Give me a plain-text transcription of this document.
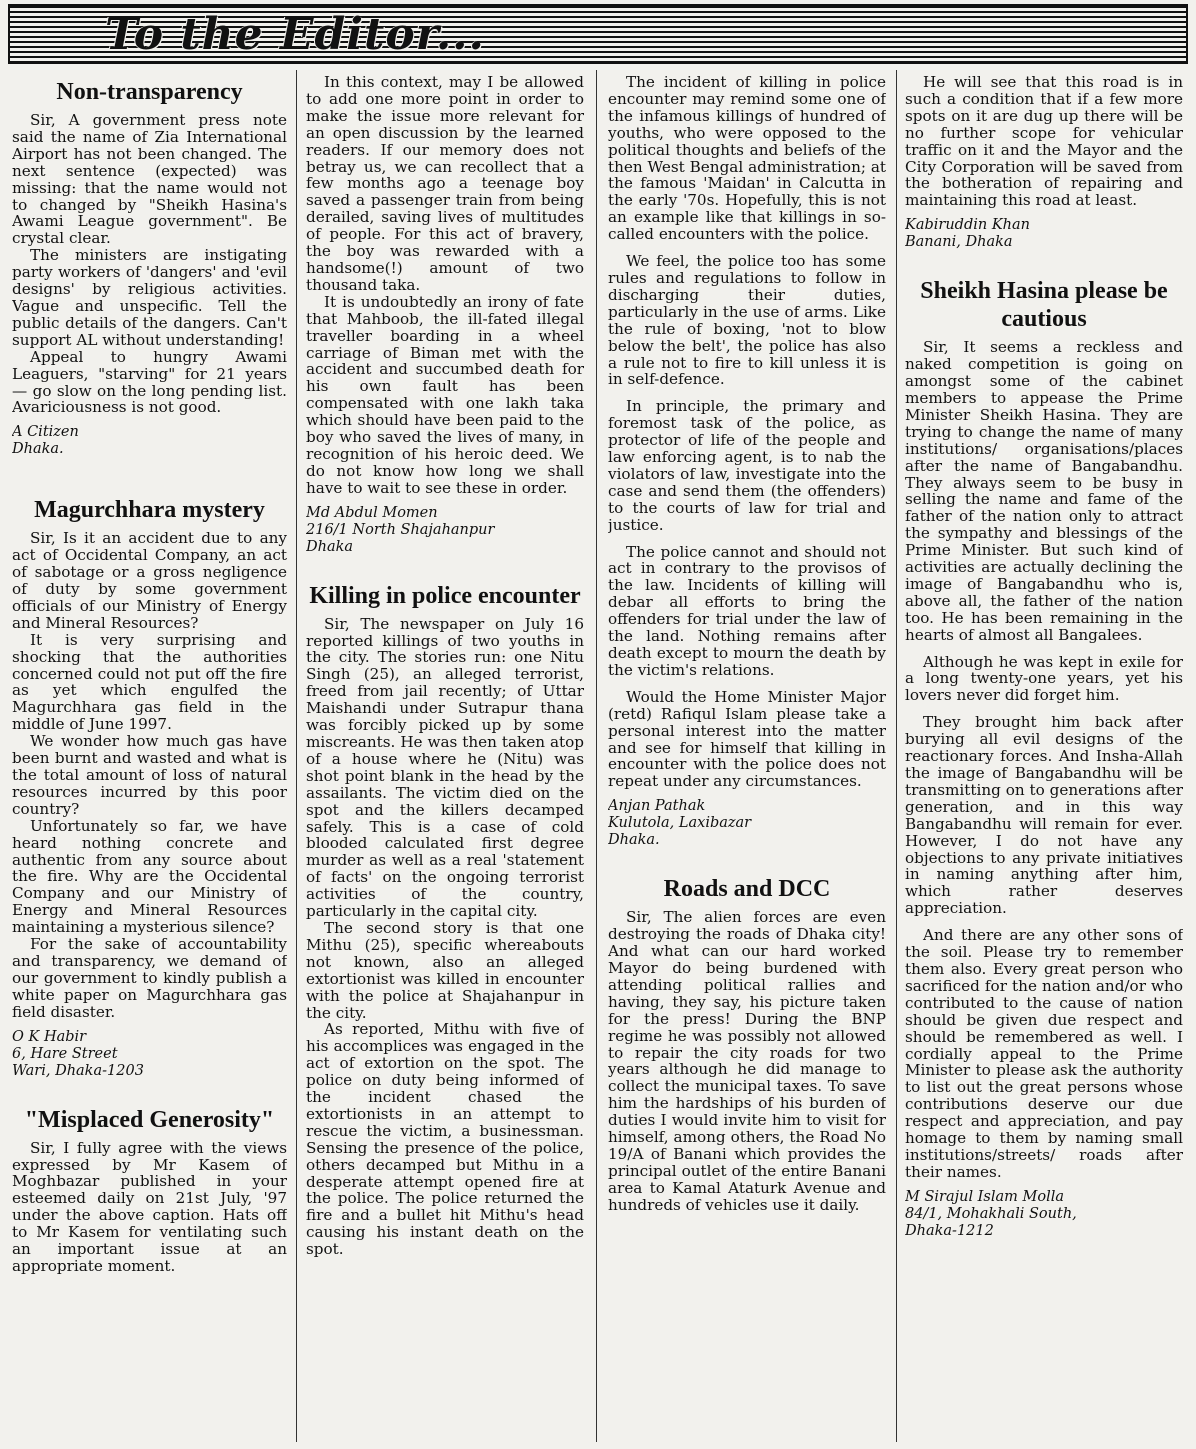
To the Editor...
Non-transparency

Sir, A government press note said the name of Zia International Airport has not been changed. The next sentence (expected) was missing: that the name would not to changed by "Sheikh Hasina's Awami League government". Be crystal clear.

The ministers are instigating party workers of 'dangers' and 'evil designs' by religious activities. Vague and unspecific. Tell the public details of the dangers. Can't support AL without understanding!

Appeal to hungry Awami Leaguers, "starving" for 21 years — go slow on the long pending list. Avariciousness is not good.

A Citizen
Dhaka.
Magurchhara mystery

Sir, Is it an accident due to any act of Occidental Company, an act of sabotage or a gross negligence of duty by some government officials of our Ministry of Energy and Mineral Resources?

It is very surprising and shocking that the authorities concerned could not put off the fire as yet which engulfed the Magurchhara gas field in the middle of June 1997.

We wonder how much gas have been burnt and wasted and what is the total amount of loss of natural resources incurred by this poor country?

Unfortunately so far, we have heard nothing concrete and authentic from any source about the fire. Why are the Occidental Company and our Ministry of Energy and Mineral Resources maintaining a mysterious silence?

For the sake of accountability and transparency, we demand of our government to kindly publish a white paper on Magurchhara gas field disaster.

O K Habir
6, Hare Street
Wari, Dhaka-1203
"Misplaced Generosity"

Sir, I fully agree with the views expressed by Mr Kasem of Moghbazar published in your esteemed daily on 21st July, '97 under the above caption. Hats off to Mr Kasem for ventilating such an important issue at an appropriate moment.

In this context, may I be allowed to add one more point in order to make the issue more relevant for an open discussion by the learned readers. If our memory does not betray us, we can recollect that a few months ago a teenage boy saved a passenger train from being derailed, saving lives of multitudes of people. For this act of bravery, the boy was rewarded with a handsome(!) amount of two thousand taka.

It is undoubtedly an irony of fate that Mahboob, the ill-fated illegal traveller boarding in a wheel carriage of Biman met with the accident and succumbed death for his own fault has been compensated with one lakh taka which should have been paid to the boy who saved the lives of many, in recognition of his heroic deed. We do not know how long we shall have to wait to see these in order.

Md Abdul Momen
216/1 North Shajahanpur
Dhaka
Killing in police encounter

Sir, The newspaper on July 16 reported killings of two youths in the city. The stories run: one Nitu Singh (25), an alleged terrorist, freed from jail recently; of Uttar Maishandi under Sutrapur thana was forcibly picked up by some miscreants. He was then taken atop of a house where he (Nitu) was shot point blank in the head by the assailants. The victim died on the spot and the killers decamped safely. This is a case of cold blooded calculated first degree murder as well as a real 'statement of facts' on the ongoing terrorist activities of the country, particularly in the capital city.

The second story is that one Mithu (25), specific whereabouts not known, also an alleged extortionist was killed in encounter with the police at Shajahanpur in the city.

As reported, Mithu with five of his accomplices was engaged in the act of extortion on the spot. The police on duty being informed of the incident chased the extortionists in an attempt to rescue the victim, a businessman. Sensing the presence of the police, others decamped but Mithu in a desperate attempt opened fire at the police. The police returned the fire and a bullet hit Mithu's head causing his instant death on the spot.

The incident of killing in police encounter may remind some one of the infamous killings of hundred of youths, who were opposed to the political thoughts and beliefs of the then West Bengal administration; at the famous 'Maidan' in Calcutta in the early '70s. Hopefully, this is not an example like that killings in so-called encounters with the police.

We feel, the police too has some rules and regulations to follow in discharging their duties, particularly in the use of arms. Like the rule of boxing, 'not to blow below the belt', the police has also a rule not to fire to kill unless it is in self-defence.

In principle, the primary and foremost task of the police, as protector of life of the people and law enforcing agent, is to nab the violators of law, investigate into the case and send them (the offenders) to the courts of law for trial and justice.

The police cannot and should not act in contrary to the provisos of the law. Incidents of killing will debar all efforts to bring the offenders for trial under the law of the land. Nothing remains after death except to mourn the death by the victim's relations.

Would the Home Minister Major (retd) Rafiqul Islam please take a personal interest into the matter and see for himself that killing in encounter with the police does not repeat under any circumstances.

Anjan Pathak
Kulutola, Laxibazar
Dhaka.
Roads and DCC

Sir, The alien forces are even destroying the roads of Dhaka city! And what can our hard worked Mayor do being burdened with attending political rallies and having, they say, his picture taken for the press! During the BNP regime he was possibly not allowed to repair the city roads for two years although he did manage to collect the municipal taxes. To save him the hardships of his burden of duties I would invite him to visit for himself, among others, the Road No 19/A of Banani which provides the principal outlet of the entire Banani area to Kamal Ataturk Avenue and hundreds of vehicles use it daily.

He will see that this road is in such a condition that if a few more spots on it are dug up there will be no further scope for vehicular traffic on it and the Mayor and the City Corporation will be saved from the botheration of repairing and maintaining this road at least.

Kabiruddin Khan
Banani, Dhaka
Sheikh Hasina please be cautious

Sir, It seems a reckless and naked competition is going on amongst some of the cabinet members to appease the Prime Minister Sheikh Hasina. They are trying to change the name of many institutions/ organisations/places after the name of Bangabandhu. They always seem to be busy in selling the name and fame of the father of the nation only to attract the sympathy and blessings of the Prime Minister. But such kind of activities are actually declining the image of Bangabandhu who is, above all, the father of the nation too. He has been remaining in the hearts of almost all Bangalees.

Although he was kept in exile for a long twenty-one years, yet his lovers never did forget him.

They brought him back after burying all evil designs of the reactionary forces. And Insha-Allah the image of Bangabandhu will be transmitting on to generations after generation, and in this way Bangabandhu will remain for ever. However, I do not have any objections to any private initiatives in naming anything after him, which rather deserves appreciation.

And there are any other sons of the soil. Please try to remember them also. Every great person who sacrificed for the nation and/or who contributed to the cause of nation should be given due respect and should be remembered as well. I cordially appeal to the Prime Minister to please ask the authority to list out the great persons whose contributions deserve our due respect and appreciation, and pay homage to them by naming small institutions/streets/ roads after their names.

M Sirajul Islam Molla
84/1, Mohakhali South,
Dhaka-1212
